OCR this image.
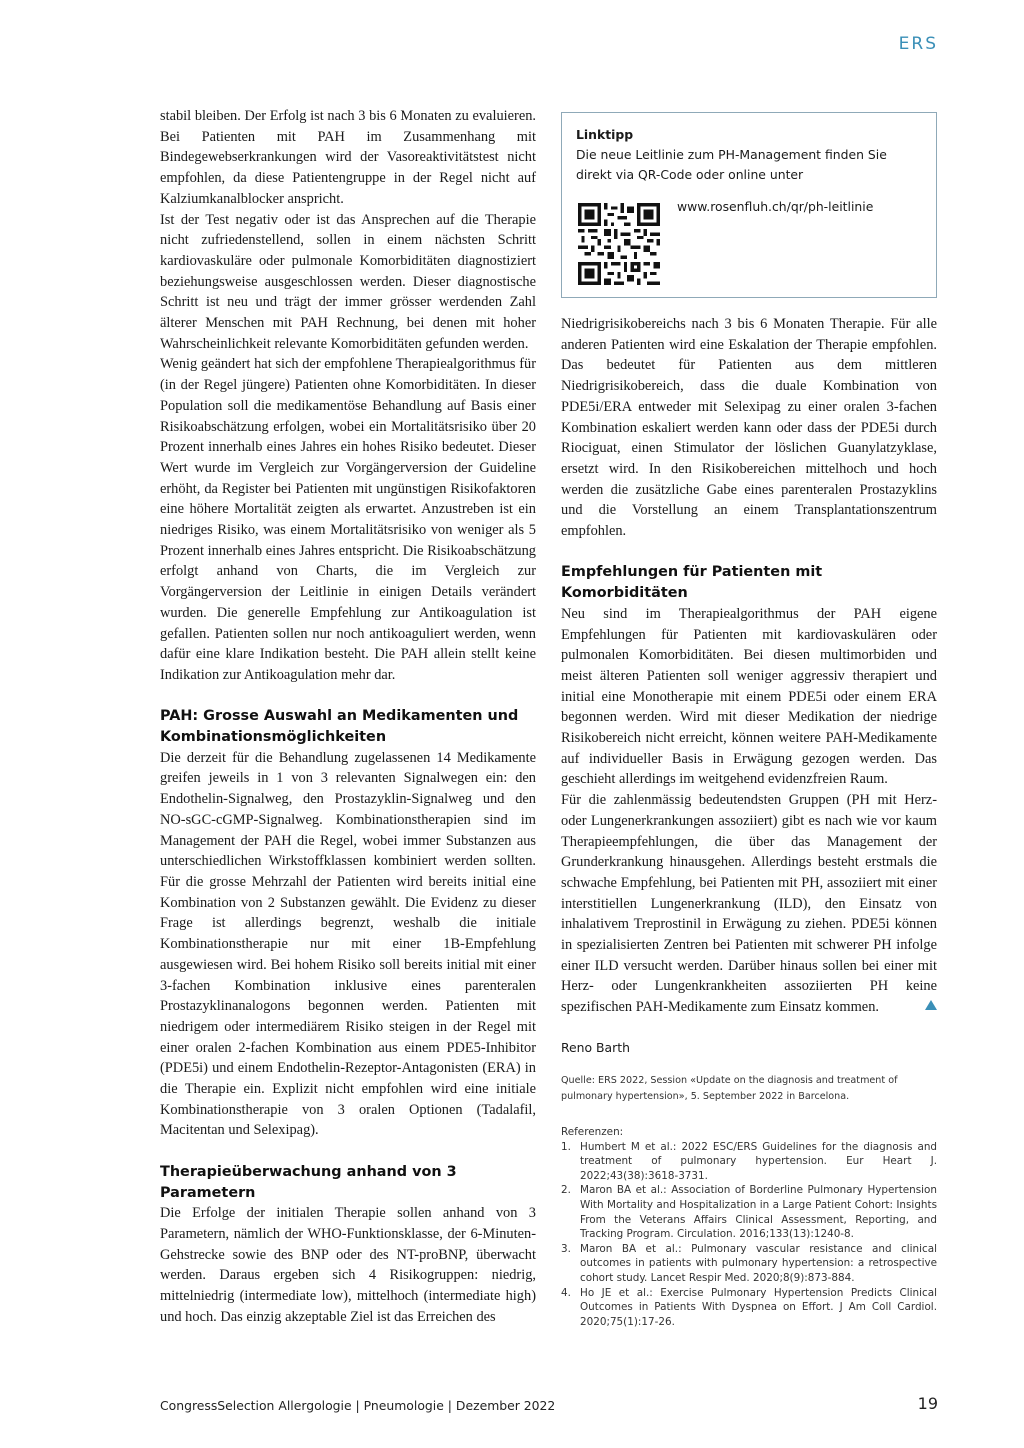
ERS

stabil bleiben. Der Erfolg ist nach 3 bis 6 Monaten zu evaluieren. Bei Patienten mit PAH im Zusammenhang mit Bindegewebserkrankungen wird der Vasoreaktivitätstest nicht empfohlen, da diese Patientengruppe in der Regel nicht auf Kalziumkanalblocker anspricht.

Ist der Test negativ oder ist das Ansprechen auf die Therapie nicht zufriedenstellend, sollen in einem nächsten Schritt kardiovaskuläre oder pulmonale Komorbiditäten diagnostiziert beziehungsweise ausgeschlossen werden. Dieser diagnostische Schritt ist neu und trägt der immer grösser werdenden Zahl älterer Menschen mit PAH Rechnung, bei denen mit hoher Wahrscheinlichkeit relevante Komorbiditäten gefunden werden.

Wenig geändert hat sich der empfohlene Therapiealgorithmus für (in der Regel jüngere) Patienten ohne Komorbiditäten. In dieser Population soll die medikamentöse Behandlung auf Basis einer Risikoabschätzung erfolgen, wobei ein Mortalitätsrisiko über 20 Prozent innerhalb eines Jahres ein hohes Risiko bedeutet. Dieser Wert wurde im Vergleich zur Vorgängerversion der Guideline erhöht, da Register bei Patienten mit ungünstigen Risikofaktoren eine höhere Mortalität zeigten als erwartet. Anzustreben ist ein niedriges Risiko, was einem Mortalitätsrisiko von weniger als 5 Prozent innerhalb eines Jahres entspricht. Die Risikoabschätzung erfolgt anhand von Charts, die im Vergleich zur Vorgängerversion der Leitlinie in einigen Details verändert wurden. Die generelle Empfehlung zur Antikoagulation ist gefallen. Patienten sollen nur noch antikoaguliert werden, wenn dafür eine klare Indikation besteht. Die PAH allein stellt keine Indikation zur Antikoagulation mehr dar.

PAH: Grosse Auswahl an Medikamenten und Kombinationsmöglichkeiten

Die derzeit für die Behandlung zugelassenen 14 Medikamente greifen jeweils in 1 von 3 relevanten Signalwegen ein: den Endothelin-Signalweg, den Prostazyklin-Signalweg und den NO-sGC-cGMP-Signalweg. Kombinationstherapien sind im Management der PAH die Regel, wobei immer Substanzen aus unterschiedlichen Wirkstoffklassen kombiniert werden sollten. Für die grosse Mehrzahl der Patienten wird bereits initial eine Kombination von 2 Substanzen gewählt. Die Evidenz zu dieser Frage ist allerdings begrenzt, weshalb die initiale Kombinationstherapie nur mit einer 1B-Empfehlung ausgewiesen wird. Bei hohem Risiko soll bereits initial mit einer 3-fachen Kombination inklusive eines parenteralen Prostazyklinanalogons begonnen werden. Patienten mit niedrigem oder intermediärem Risiko steigen in der Regel mit einer oralen 2-fachen Kombination aus einem PDE5-Inhibitor (PDE5i) und einem Endothelin-Rezeptor-Antagonisten (ERA) in die Therapie ein. Explizit nicht empfohlen wird eine initiale Kombinationstherapie von 3 oralen Optionen (Tadalafil, Macitentan und Selexipag).

Therapieüberwachung anhand von 3 Parametern

Die Erfolge der initialen Therapie sollen anhand von 3 Parametern, nämlich der WHO-Funktionsklasse, der 6-Minuten-Gehstrecke sowie des BNP oder des NT-proBNP, überwacht werden. Daraus ergeben sich 4 Risikogruppen: niedrig, mittelniedrig (intermediate low), mittelhoch (intermediate high) und hoch. Das einzig akzeptable Ziel ist das Erreichen des

Linktipp
Die neue Leitlinie zum PH-Management finden Sie direkt via QR-Code oder online unter
www.rosenfluh.ch/qr/ph-leitlinie

Niedrigrisikobereichs nach 3 bis 6 Monaten Therapie. Für alle anderen Patienten wird eine Eskalation der Therapie empfohlen. Das bedeutet für Patienten aus dem mittleren Niedrigrisikobereich, dass die duale Kombination von PDE5i/ERA entweder mit Selexipag zu einer oralen 3-fachen Kombination eskaliert werden kann oder dass der PDE5i durch Riociguat, einen Stimulator der löslichen Guanylatzyklase, ersetzt wird. In den Risikobereichen mittelhoch und hoch werden die zusätzliche Gabe eines parenteralen Prostazyklins und die Vorstellung an einem Transplantationszentrum empfohlen.

Empfehlungen für Patienten mit Komorbiditäten

Neu sind im Therapiealgorithmus der PAH eigene Empfehlungen für Patienten mit kardiovaskulären oder pulmonalen Komorbiditäten. Bei diesen multimorbiden und meist älteren Patienten soll weniger aggressiv therapiert und initial eine Monotherapie mit einem PDE5i oder einem ERA begonnen werden. Wird mit dieser Medikation der niedrige Risikobereich nicht erreicht, können weitere PAH-Medikamente auf individueller Basis in Erwägung gezogen werden. Das geschieht allerdings im weitgehend evidenzfreien Raum.

Für die zahlenmässig bedeutendsten Gruppen (PH mit Herz- oder Lungenerkrankungen assoziiert) gibt es nach wie vor kaum Therapieempfehlungen, die über das Management der Grunderkrankung hinausgehen. Allerdings besteht erstmals die schwache Empfehlung, bei Patienten mit PH, assoziiert mit einer interstitiellen Lungenerkrankung (ILD), den Einsatz von inhalativem Treprostinil in Erwägung zu ziehen. PDE5i können in spezialisierten Zentren bei Patienten mit schwerer PH infolge einer ILD versucht werden. Darüber hinaus sollen bei einer mit Herz- oder Lungenkrankheiten assoziierten PH keine spezifischen PAH-Medikamente zum Einsatz kommen.

Reno Barth
Quelle: ERS 2022, Session «Update on the diagnosis and treatment of pulmonary hypertension», 5. September 2022 in Barcelona.
Referenzen:
1. Humbert M et al.: 2022 ESC/ERS Guidelines for the diagnosis and treatment of pulmonary hypertension. Eur Heart J. 2022;43(38):3618-3731.
2. Maron BA et al.: Association of Borderline Pulmonary Hypertension With Mortality and Hospitalization in a Large Patient Cohort: Insights From the Veterans Affairs Clinical Assessment, Reporting, and Tracking Program. Circulation. 2016;133(13):1240-8.
3. Maron BA et al.: Pulmonary vascular resistance and clinical outcomes in patients with pulmonary hypertension: a retrospective cohort study. Lancet Respir Med. 2020;8(9):873-884.
4. Ho JE et al.: Exercise Pulmonary Hypertension Predicts Clinical Outcomes in Patients With Dyspnea on Effort. J Am Coll Cardiol. 2020;75(1):17-26.
CongressSelection Allergologie | Pneumologie | Dezember 2022	19
